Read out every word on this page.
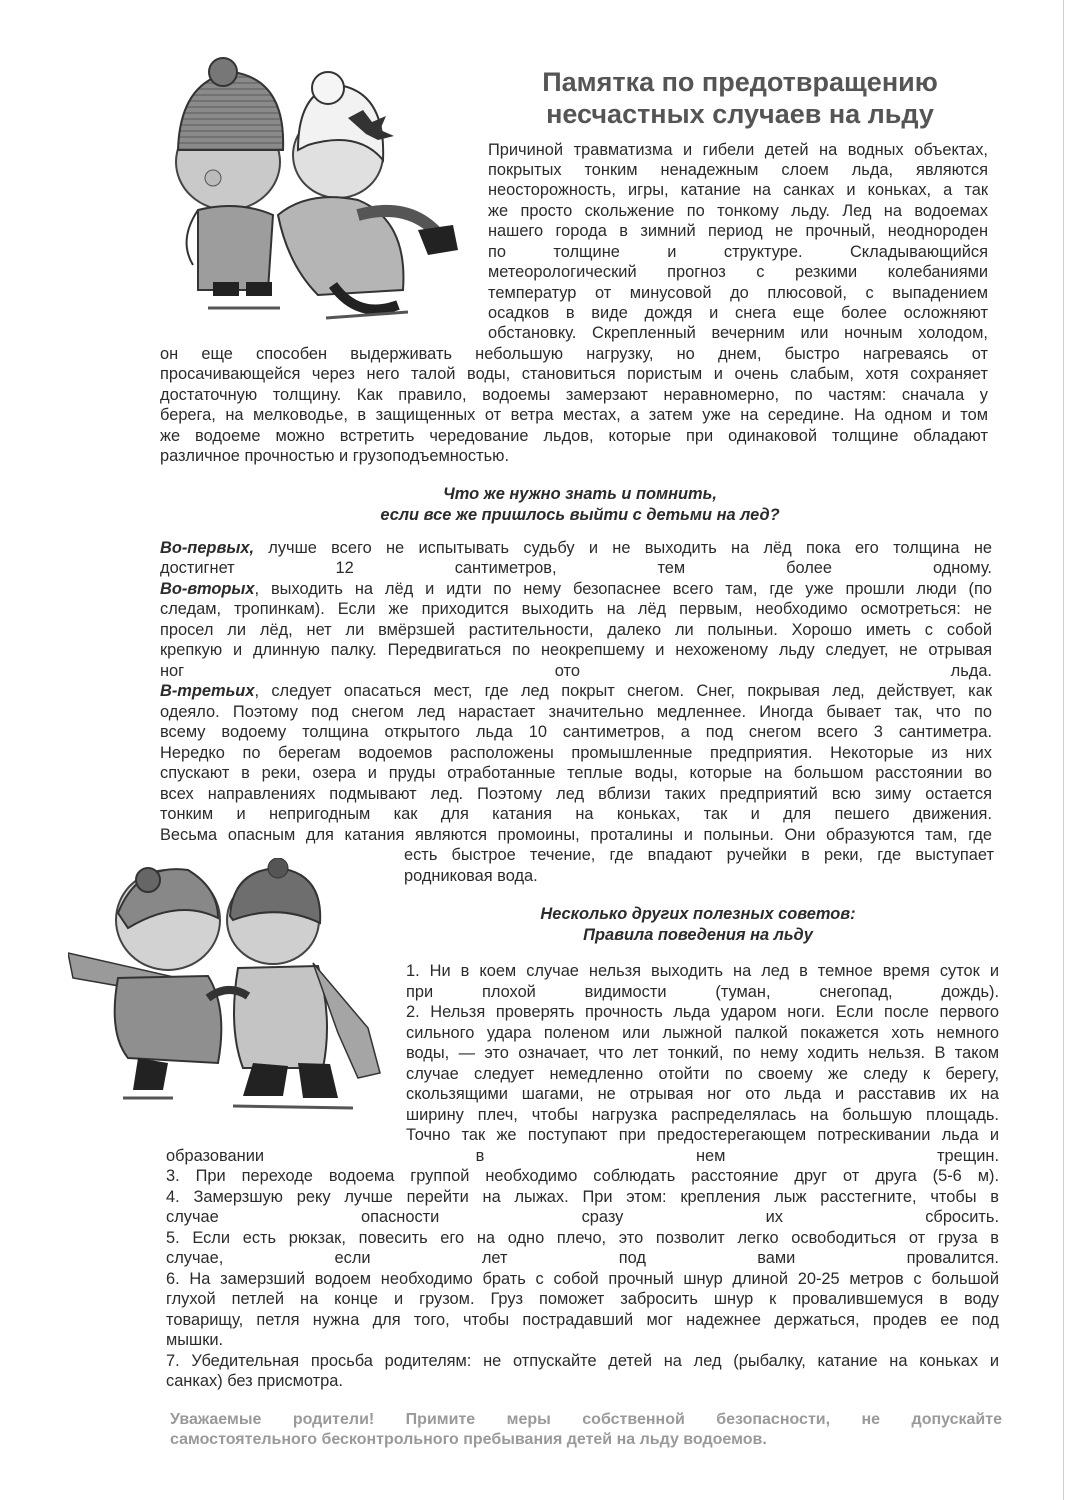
Памятка по предотвращению
несчастных случаев на льду

Причиной травматизма и гибели детей на водных объектах,

покрытых тонким ненадежным слоем льда, являются

неосторожность, игры, катание на санках и коньках, а так

же просто скольжение по тонкому льду. Лед на водоемах

нашего города в зимний период не прочный, неоднороден

по толщине и структуре. Складывающийся

метеорологический прогноз с резкими колебаниями

температур от минусовой до плюсовой, с выпадением

осадков в виде дождя и снега еще более осложняют

обстановку. Скрепленный вечерним или ночным холодом,

он еще способен выдерживать небольшую нагрузку, но днем, быстро нагреваясь от

просачивающейся через него талой воды, становиться пористым и очень слабым, хотя сохраняет

достаточную толщину. Как правило, водоемы замерзают неравномерно, по частям: сначала у

берега, на мелководье, в защищенных от ветра местах, а затем уже на середине. На одном и том

же водоеме можно встретить чередование льдов, которые при одинаковой толщине обладают

различное прочностью и грузоподъемностью.

Что же нужно знать и помнить,
если все же пришлось выйти с детьми на лед?

Во-первых, лучше всего не испытывать судьбу и не выходить на лёд пока его толщина не

достигнет 12 сантиметров, тем более одному.

Во-вторых, выходить на лёд и идти по нему безопаснее всего там, где уже прошли люди (по

следам, тропинкам). Если же приходится выходить на лёд первым, необходимо осмотреться: не

просел ли лёд, нет ли вмёрзшей растительности, далеко ли полыньи. Хорошо иметь с собой

крепкую и длинную палку. Передвигаться по неокрепшему и нехоженому льду следует, не отрывая

ног ото льда.

В-третьих, следует опасаться мест, где лед покрыт снегом. Снег, покрывая лед, действует, как

одеяло. Поэтому под снегом лед нарастает значительно медленнее. Иногда бывает так, что по

всему водоему толщина открытого льда 10 сантиметров, а под снегом всего 3 сантиметра.

Нередко по берегам водоемов расположены промышленные предприятия. Некоторые из них

спускают в реки, озера и пруды отработанные теплые воды, которые на большом расстоянии во

всех направлениях подмывают лед. Поэтому лед вблизи таких предприятий всю зиму остается

тонким и непригодным как для катания на коньках, так и для пешего движения.

Весьма опасным для катания являются промоины, проталины и полыньи. Они образуются там, где

есть быстрое течение, где впадают ручейки в реки, где выступает

родниковая вода.

Несколько других полезных советов:
Правила поведения на льду

1. Ни в коем случае нельзя выходить на лед в темное время суток и

при плохой видимости (туман, снегопад, дождь).

2. Нельзя проверять прочность льда ударом ноги. Если после первого

сильного удара поленом или лыжной палкой покажется хоть немного

воды, — это означает, что лет тонкий, по нему ходить нельзя. В таком

случае следует немедленно отойти по своему же следу к берегу,

скользящими шагами, не отрывая ног ото льда и расставив их на

ширину плеч, чтобы нагрузка распределялась на большую площадь.

Точно так же поступают при предостерегающем потрескивании льда и

образовании в нем трещин.

3. При переходе водоема группой необходимо соблюдать расстояние друг от друга (5-6 м).

4. Замерзшую реку лучше перейти на лыжах. При этом: крепления лыж расстегните, чтобы в

случае опасности сразу их сбросить.

5. Если есть рюкзак, повесить его на одно плечо, это позволит легко освободиться от груза в

случае, если лет под вами провалится.

6. На замерзший водоем необходимо брать с собой прочный шнур длиной 20-25 метров с большой

глухой петлей на конце и грузом. Груз поможет забросить шнур к провалившемуся в воду

товарищу, петля нужна для того, чтобы пострадавший мог надежнее держаться, продев ее под

мышки.

7. Убедительная просьба родителям: не отпускайте детей на лед (рыбалку, катание на коньках и

санках) без присмотра.

Уважаемые родители! Примите меры собственной безопасности, не допускайте

самостоятельного бесконтрольного пребывания детей на льду водоемов.
